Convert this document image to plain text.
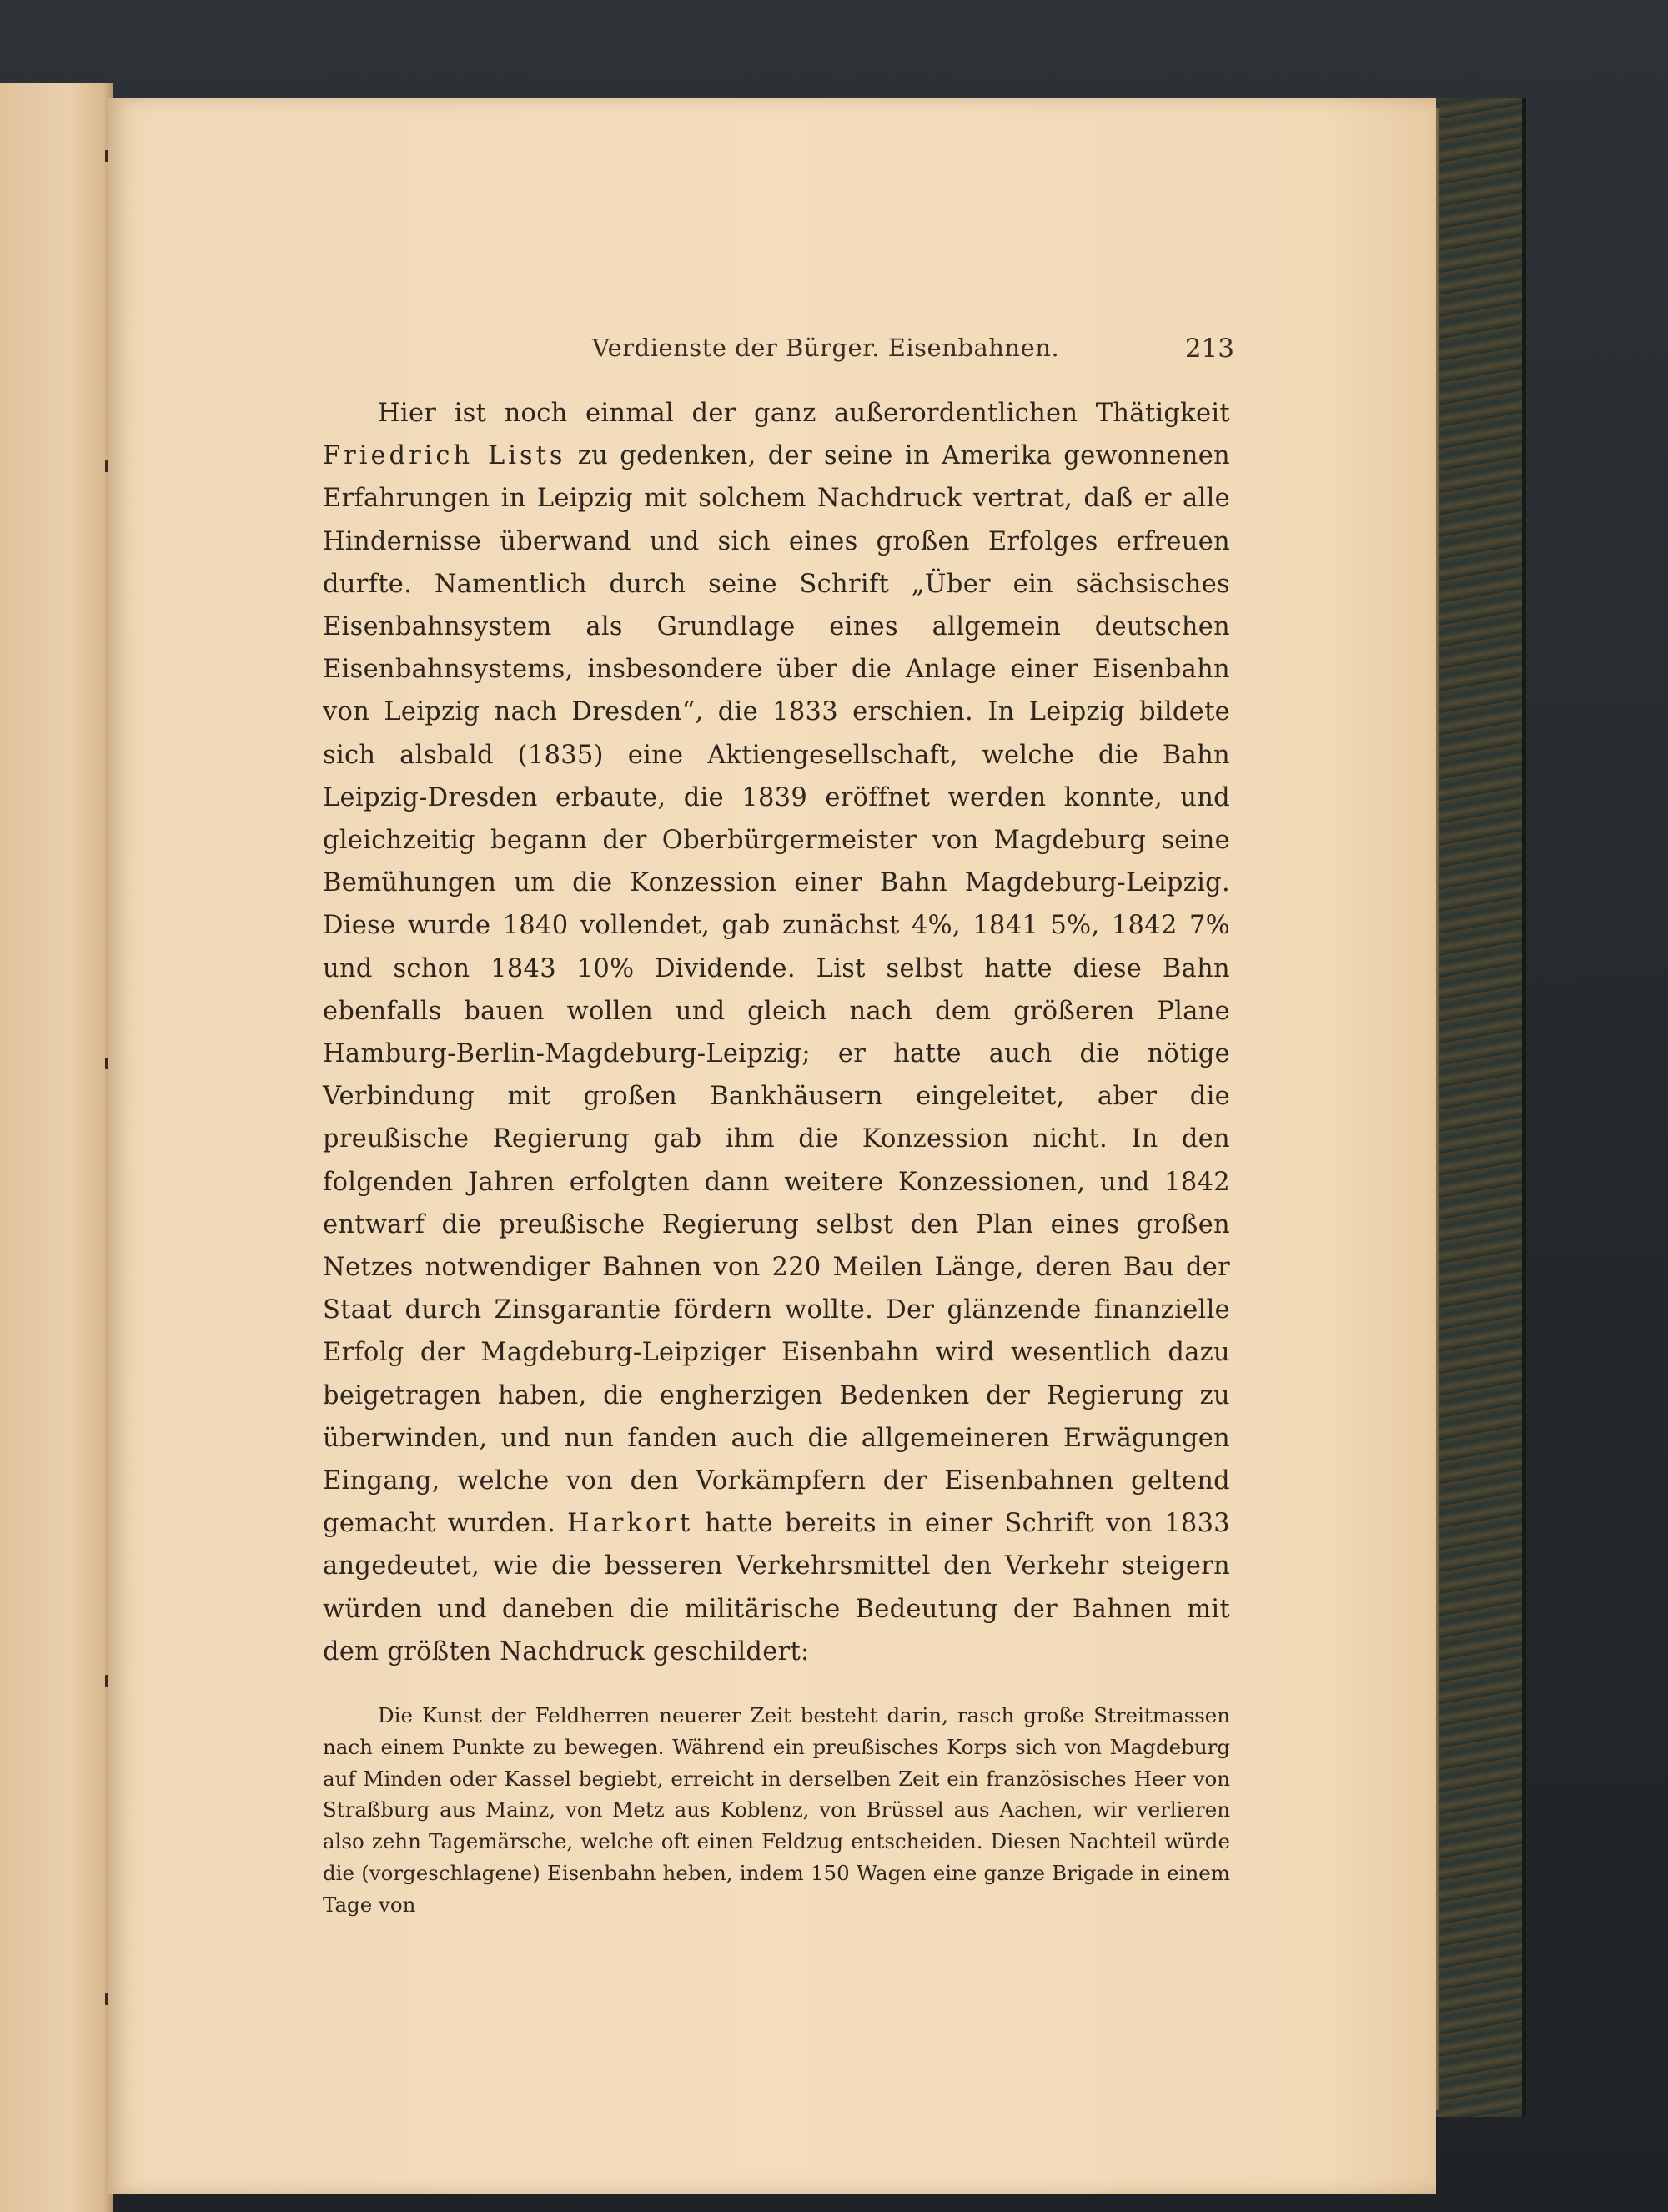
Verdienste der Bürger. Eisenbahnen.	213

Hier ist noch einmal der ganz außerordentlichen Thätigkeit Friedrich Lists zu gedenken, der seine in Amerika gewonnenen Erfahrungen in Leipzig mit solchem Nachdruck vertrat, daß er alle Hindernisse überwand und sich eines großen Erfolges erfreuen durfte. Namentlich durch seine Schrift „Über ein sächsisches Eisenbahnsystem als Grundlage eines allgemein deutschen Eisenbahnsystems, insbesondere über die Anlage einer Eisenbahn von Leipzig nach Dresden“, die 1833 erschien. In Leipzig bildete sich alsbald (1835) eine Aktiengesellschaft, welche die Bahn Leipzig-Dresden erbaute, die 1839 eröffnet werden konnte, und gleichzeitig begann der Oberbürgermeister von Magdeburg seine Bemühungen um die Konzession einer Bahn Magdeburg-Leipzig. Diese wurde 1840 vollendet, gab zunächst 4%, 1841 5%, 1842 7% und schon 1843 10% Dividende. List selbst hatte diese Bahn ebenfalls bauen wollen und gleich nach dem größeren Plane Hamburg-Berlin-Magdeburg-Leipzig; er hatte auch die nötige Verbindung mit großen Bankhäusern eingeleitet, aber die preußische Regierung gab ihm die Konzession nicht. In den folgenden Jahren erfolgten dann weitere Konzessionen, und 1842 entwarf die preußische Regierung selbst den Plan eines großen Netzes notwendiger Bahnen von 220 Meilen Länge, deren Bau der Staat durch Zinsgarantie fördern wollte. Der glänzende finanzielle Erfolg der Magdeburg-Leipziger Eisenbahn wird wesentlich dazu beigetragen haben, die engherzigen Bedenken der Regierung zu überwinden, und nun fanden auch die allgemeineren Erwägungen Eingang, welche von den Vorkämpfern der Eisenbahnen geltend gemacht wurden. Harkort hatte bereits in einer Schrift von 1833 angedeutet, wie die besseren Verkehrsmittel den Verkehr steigern würden und daneben die militärische Bedeutung der Bahnen mit dem größten Nachdruck geschildert:

Die Kunst der Feldherren neuerer Zeit besteht darin, rasch große Streitmassen nach einem Punkte zu bewegen. Während ein preußisches Korps sich von Magdeburg auf Minden oder Kassel begiebt, erreicht in derselben Zeit ein französisches Heer von Straßburg aus Mainz, von Metz aus Koblenz, von Brüssel aus Aachen, wir verlieren also zehn Tagemärsche, welche oft einen Feldzug entscheiden. Diesen Nachteil würde die (vorgeschlagene) Eisenbahn heben, indem 150 Wagen eine ganze Brigade in einem Tage von
